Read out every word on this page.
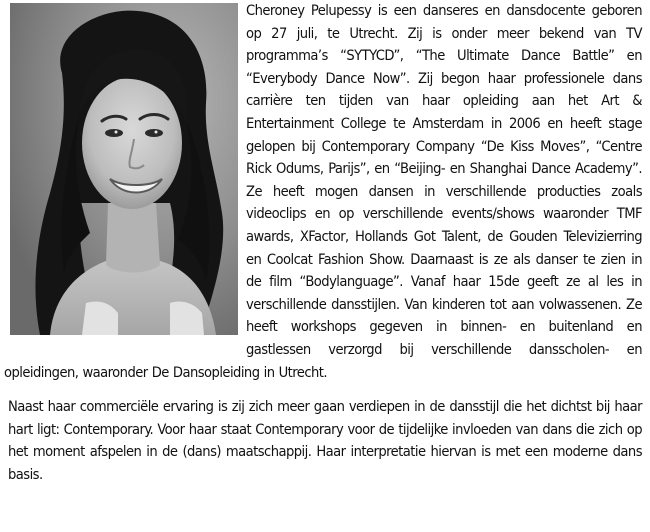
Cheroney Pelupessy is een danseres en dansdocente geboren op 27 juli, te Utrecht. Zij is onder meer bekend van TV programma’s “SYTYCD”, “The Ultimate Dance Battle” en “Everybody Dance Now”. Zij begon haar professionele dans carrière ten tijden van haar opleiding aan het Art & Entertainment College te Amsterdam in 2006 en heeft stage gelopen bij Contemporary Company “De Kiss Moves”, “Centre Rick Odums, Parijs”, en “Beijing- en Shanghai Dance Academy”. Ze heeft mogen dansen in verschillende producties zoals videoclips en op verschillende events/shows waaronder TMF awards, XFactor, Hollands Got Talent, de Gouden Televizierring en Coolcat Fashion Show. Daarnaast is ze als danser te zien in de film “Bodylanguage”. Vanaf haar 15de geeft ze al les in verschillende dansstijlen. Van kinderen tot aan volwassenen. Ze heeft workshops gegeven in binnen- en buitenland en gastlessen verzorgd bij verschillende dansscholen- en opleidingen, waaronder De Dansopleiding in Utrecht.

Naast haar commerciële ervaring is zij zich meer gaan verdiepen in de dansstijl die het dichtst bij haar hart ligt: Contemporary. Voor haar staat Contemporary voor de tijdelijke invloeden van dans die zich op het moment afspelen in de (dans) maatschappij. Haar interpretatie hiervan is met een moderne dans basis.
